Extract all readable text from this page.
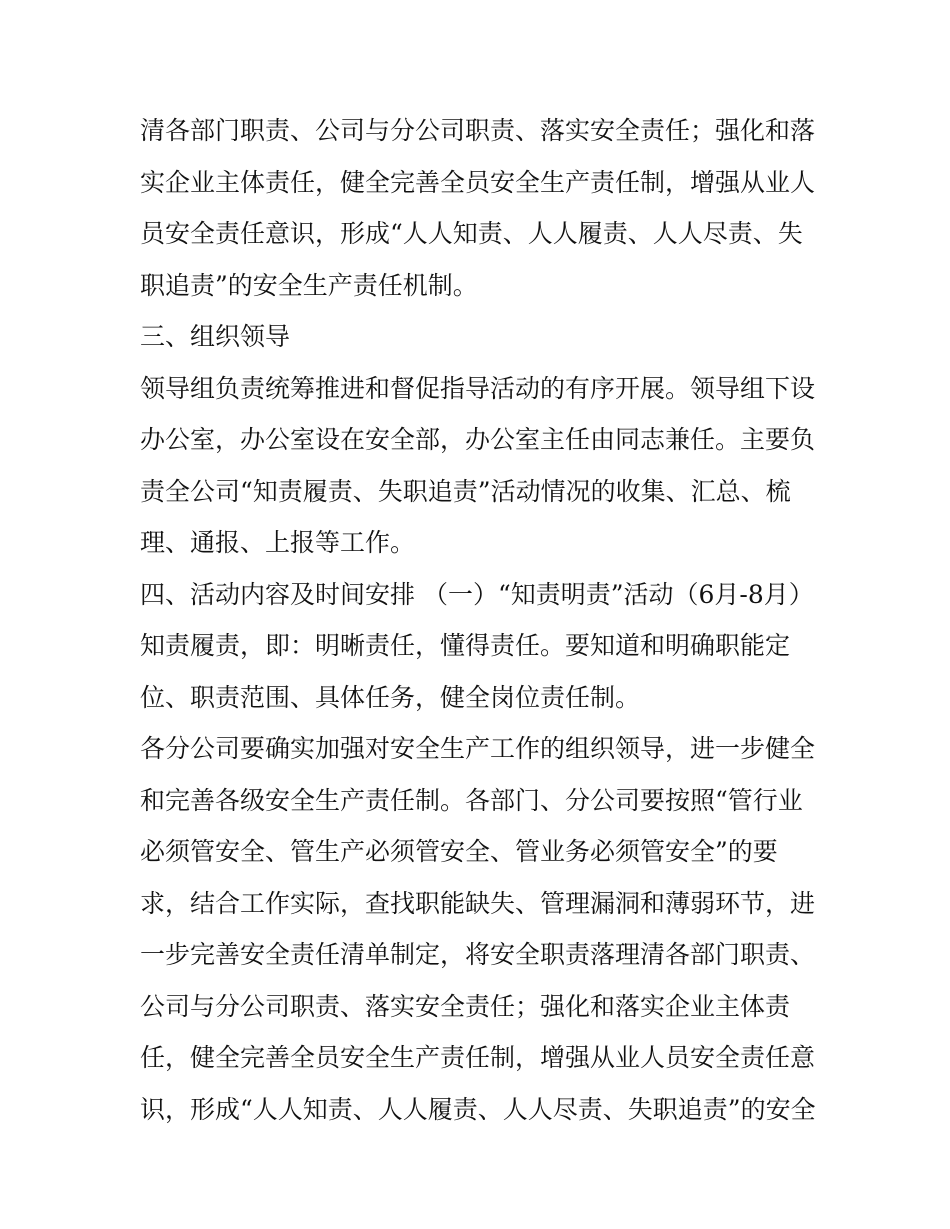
清各部门职责、公司与分公司职责、落实安全责任；强化和落
实企业主体责任，健全完善全员安全生产责任制，增强从业人
员安全责任意识，形成“人人知责、人人履责、人人尽责、失
职追责”的安全生产责任机制。
三、组织领导
领导组负责统筹推进和督促指导活动的有序开展。领导组下设
办公室，办公室设在安全部，办公室主任由同志兼任。主要负
责全公司“知责履责、失职追责”活动情况的收集、汇总、梳
理、通报、上报等工作。
四、活动内容及时间安排 （一）“知责明责”活动（6月-8月）
知责履责，即：明晰责任，懂得责任。要知道和明确职能定
位、职责范围、具体任务，健全岗位责任制。
各分公司要确实加强对安全生产工作的组织领导，进一步健全
和完善各级安全生产责任制。各部门、分公司要按照“管行业
必须管安全、管生产必须管安全、管业务必须管安全”的要
求，结合工作实际，查找职能缺失、管理漏洞和薄弱环节，进
一步完善安全责任清单制定，将安全职责落理清各部门职责、
公司与分公司职责、落实安全责任；强化和落实企业主体责
任，健全完善全员安全生产责任制，增强从业人员安全责任意
识，形成“人人知责、人人履责、人人尽责、失职追责”的安全
